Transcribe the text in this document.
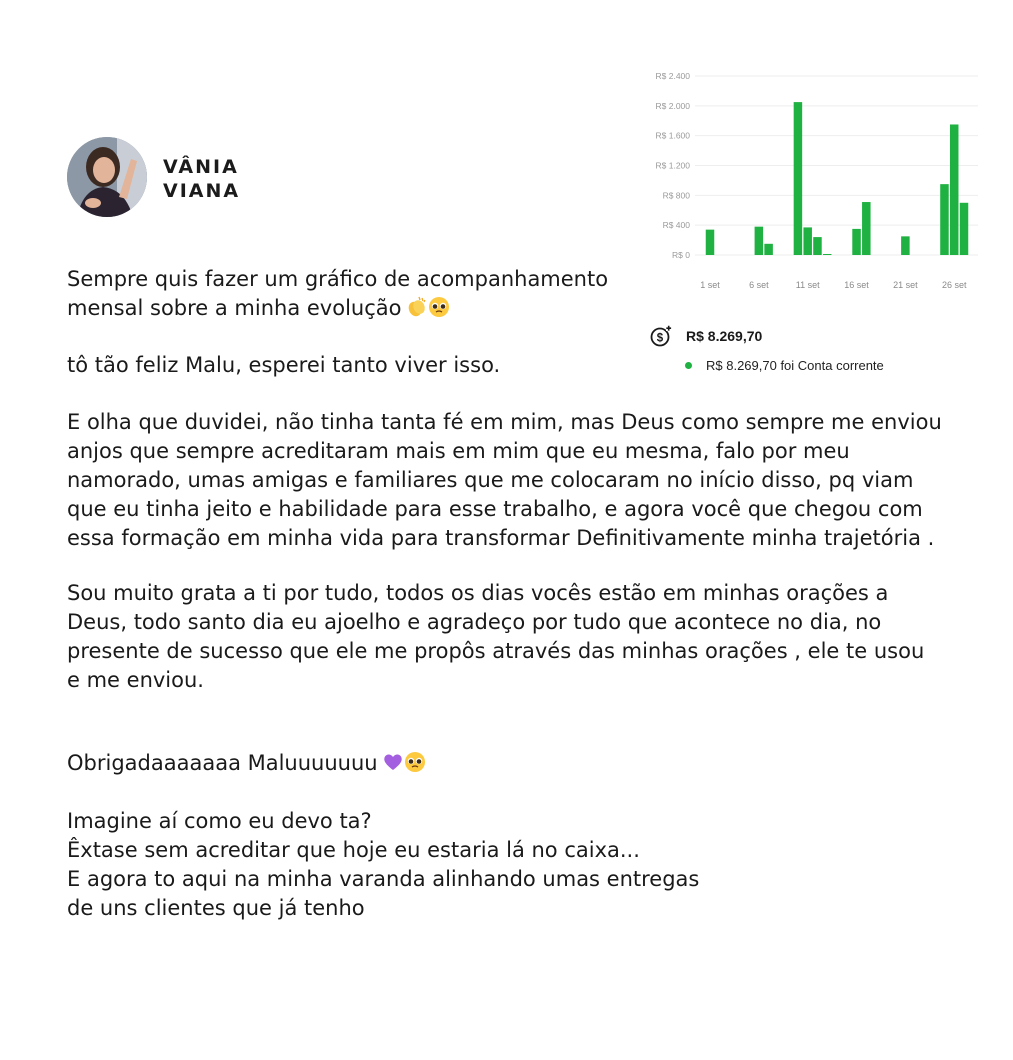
VÂNIA
VIANA
R$ 2.400
R$ 2.000
R$ 1.600
R$ 1.200
R$ 800
R$ 400
R$ 0
1 set	6 set	11 set	16 set	21 set	26 set
$ R$ 8.269,70
R$ 8.269,70 foi Conta corrente
Sempre quis fazer um gráfico de acompanhamento
mensal sobre a minha evolução
tô tão feliz Malu, esperei tanto viver isso.
E olha que duvidei, não tinha tanta fé em mim, mas Deus como sempre me enviou
anjos que sempre acreditaram mais em mim que eu mesma, falo por meu
namorado, umas amigas e familiares que me colocaram no início disso, pq viam
que eu tinha jeito e habilidade para esse trabalho, e agora você que chegou com
essa formação em minha vida para transformar Definitivamente minha trajetória .
Sou muito grata a ti por tudo, todos os dias vocês estão em minhas orações a
Deus, todo santo dia eu ajoelho e agradeço por tudo que acontece no dia, no
presente de sucesso que ele me propôs através das minhas orações , ele te usou
e me enviou.
Obrigadaaaaaaa Maluuuuuuu
Imagine aí como eu devo ta?
Êxtase sem acreditar que hoje eu estaria lá no caixa...
E agora to aqui na minha varanda alinhando umas entregas
de uns clientes que já tenho
